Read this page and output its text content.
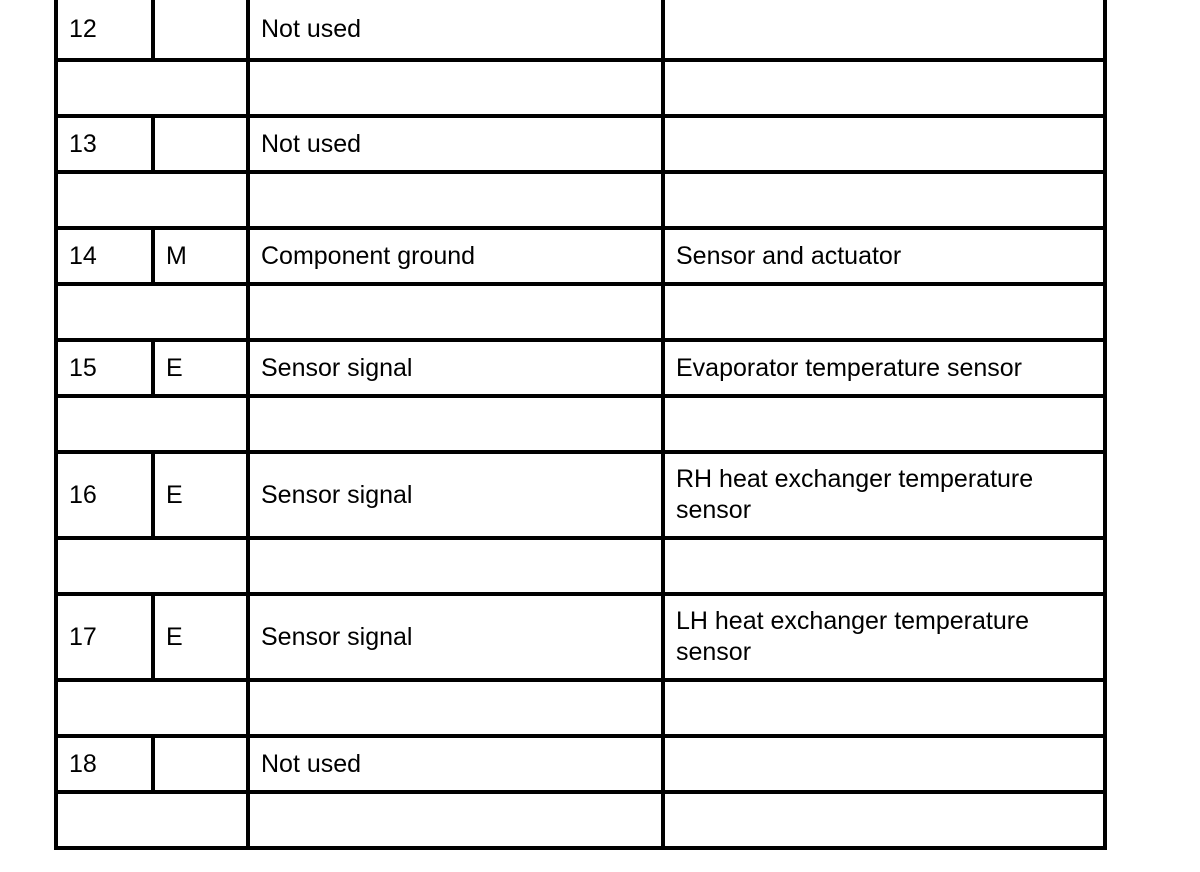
12		Not used	

13		Not used	

14	M	Component ground	Sensor and actuator

15	E	Sensor signal	Evaporator temperature sensor

16	E	Sensor signal	RH heat exchanger temperature sensor

17	E	Sensor signal	LH heat exchanger temperature sensor

18		Not used	
